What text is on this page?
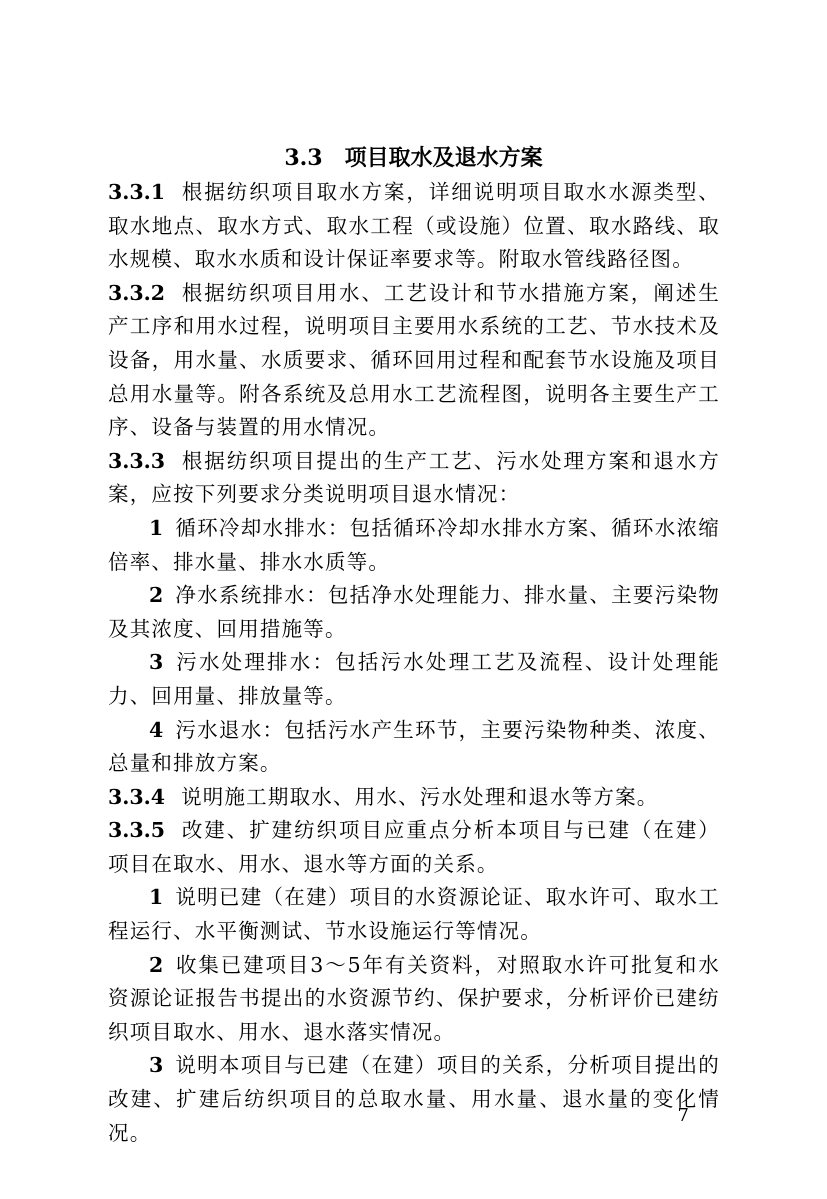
3.3 项目取水及退水方案

3.3.1 根据纺织项目取水方案，详细说明项目取水水源类型、取水地点、取水方式、取水工程（或设施）位置、取水路线、取水规模、取水水质和设计保证率要求等。附取水管线路径图。

3.3.2 根据纺织项目用水、工艺设计和节水措施方案，阐述生产工序和用水过程，说明项目主要用水系统的工艺、节水技术及设备，用水量、水质要求、循环回用过程和配套节水设施及项目总用水量等。附各系统及总用水工艺流程图，说明各主要生产工序、设备与装置的用水情况。

3.3.3 根据纺织项目提出的生产工艺、污水处理方案和退水方案，应按下列要求分类说明项目退水情况：

1 循环冷却水排水：包括循环冷却水排水方案、循环水浓缩倍率、排水量、排水水质等。

2 净水系统排水：包括净水处理能力、排水量、主要污染物及其浓度、回用措施等。

3 污水处理排水：包括污水处理工艺及流程、设计处理能力、回用量、排放量等。

4 污水退水：包括污水产生环节，主要污染物种类、浓度、总量和排放方案。

3.3.4 说明施工期取水、用水、污水处理和退水等方案。

3.3.5 改建、扩建纺织项目应重点分析本项目与已建（在建）项目在取水、用水、退水等方面的关系。

1 说明已建（在建）项目的水资源论证、取水许可、取水工程运行、水平衡测试、节水设施运行等情况。

2 收集已建项目3～5年有关资料，对照取水许可批复和水资源论证报告书提出的水资源节约、保护要求，分析评价已建纺织项目取水、用水、退水落实情况。

3 说明本项目与已建（在建）项目的关系，分析项目提出的改建、扩建后纺织项目的总取水量、用水量、退水量的变化情况。

7
